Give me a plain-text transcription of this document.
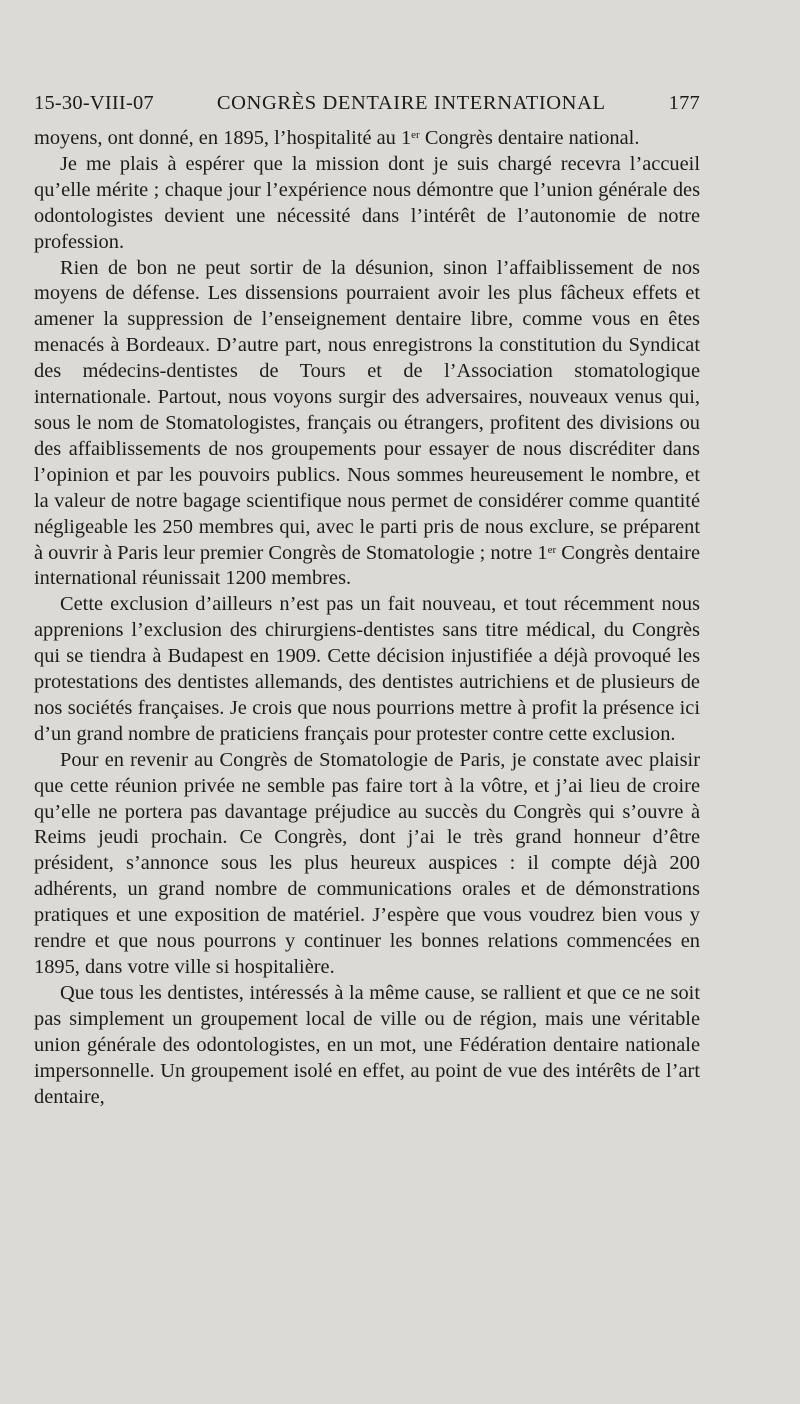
15-30-VIII-07	CONGRÈS DENTAIRE INTERNATIONAL	177

moyens, ont donné, en 1895, l’hospitalité au 1er Congrès dentaire national.

Je me plais à espérer que la mission dont je suis chargé recevra l’accueil qu’elle mérite ; chaque jour l’expérience nous démontre que l’union générale des odontologistes devient une nécessité dans l’intérêt de l’autonomie de notre profession.

Rien de bon ne peut sortir de la désunion, sinon l’affaiblissement de nos moyens de défense. Les dissensions pourraient avoir les plus fâcheux effets et amener la suppression de l’enseignement dentaire libre, comme vous en êtes menacés à Bordeaux. D’autre part, nous enregistrons la constitution du Syndicat des médecins-dentistes de Tours et de l’Association stomatologique internationale. Partout, nous voyons surgir des adversaires, nouveaux venus qui, sous le nom de Stomatologistes, français ou étrangers, profitent des divisions ou des affaiblissements de nos groupements pour essayer de nous discréditer dans l’opinion et par les pouvoirs publics. Nous sommes heureusement le nombre, et la valeur de notre bagage scientifique nous permet de considérer comme quantité négligeable les 250 membres qui, avec le parti pris de nous exclure, se préparent à ouvrir à Paris leur premier Congrès de Stomatologie ; notre 1er Congrès dentaire international réunissait 1200 membres.

Cette exclusion d’ailleurs n’est pas un fait nouveau, et tout récemment nous apprenions l’exclusion des chirurgiens-dentistes sans titre médical, du Congrès qui se tiendra à Budapest en 1909. Cette décision injustifiée a déjà provoqué les protestations des dentistes allemands, des dentistes autrichiens et de plusieurs de nos sociétés françaises. Je crois que nous pourrions mettre à profit la présence ici d’un grand nombre de praticiens français pour protester contre cette exclusion.

Pour en revenir au Congrès de Stomatologie de Paris, je constate avec plaisir que cette réunion privée ne semble pas faire tort à la vôtre, et j’ai lieu de croire qu’elle ne portera pas davantage préjudice au succès du Congrès qui s’ouvre à Reims jeudi prochain. Ce Congrès, dont j’ai le très grand honneur d’être président, s’annonce sous les plus heureux auspices : il compte déjà 200 adhérents, un grand nombre de communications orales et de démonstrations pratiques et une exposition de matériel. J’espère que vous voudrez bien vous y rendre et que nous pourrons y continuer les bonnes relations commencées en 1895, dans votre ville si hospitalière.

Que tous les dentistes, intéressés à la même cause, se rallient et que ce ne soit pas simplement un groupement local de ville ou de région, mais une véritable union générale des odontologistes, en un mot, une Fédération dentaire nationale impersonnelle. Un groupement isolé en effet, au point de vue des intérêts de l’art dentaire,
